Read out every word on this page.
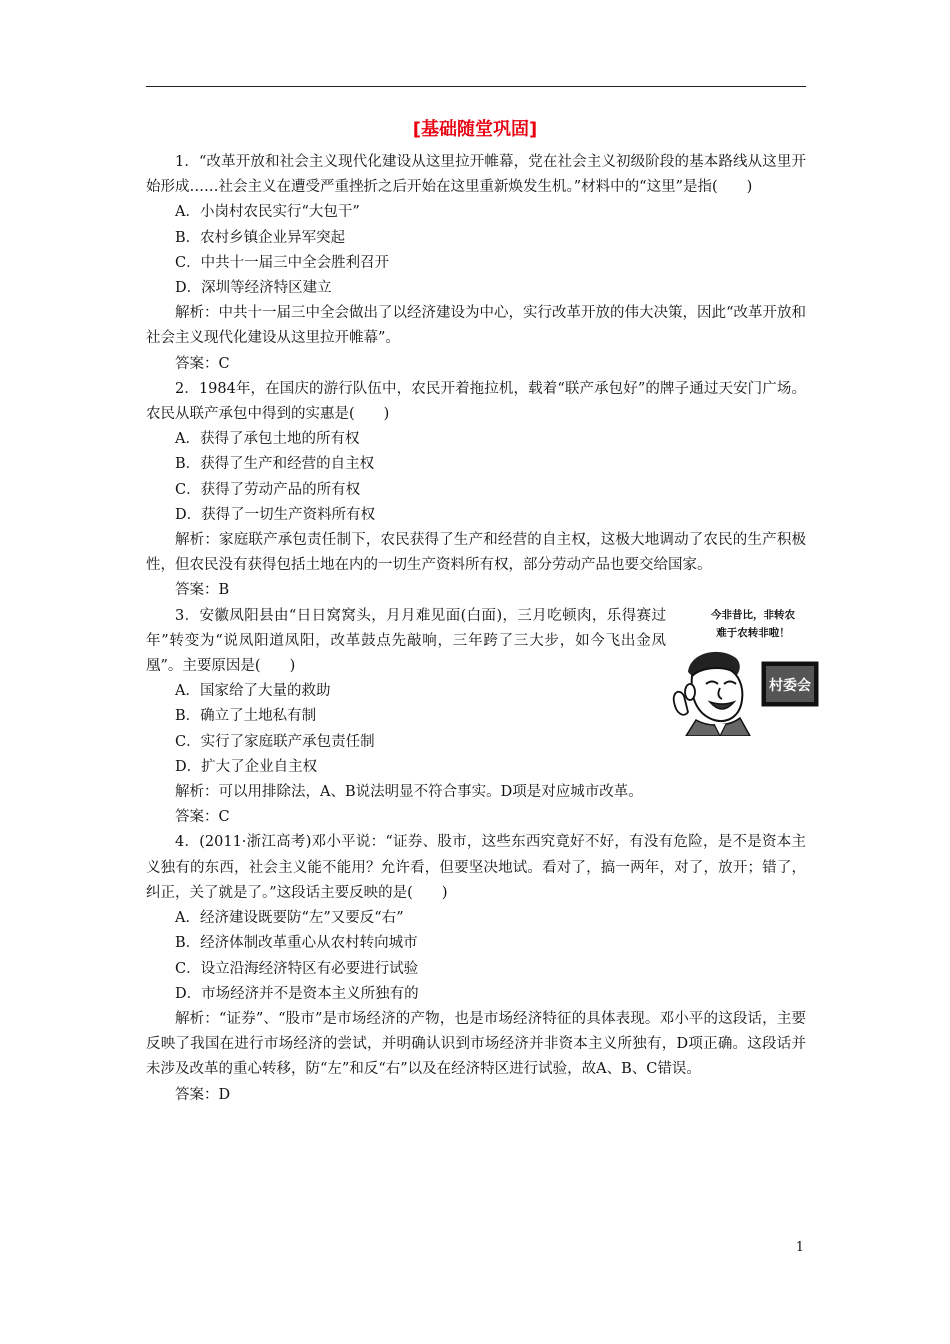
[基础随堂巩固]

1．“改革开放和社会主义现代化建设从这里拉开帷幕，党在社会主义初级阶段的基本路线从这里开始形成……社会主义在遭受严重挫折之后开始在这里重新焕发生机。”材料中的“这里”是指(　　)

A．小岗村农民实行“大包干”

B．农村乡镇企业异军突起

C．中共十一届三中全会胜利召开

D．深圳等经济特区建立

解析：中共十一届三中全会做出了以经济建设为中心，实行改革开放的伟大决策，因此“改革开放和社会主义现代化建设从这里拉开帷幕”。

答案：C

2．1984年，在国庆的游行队伍中，农民开着拖拉机，载着“联产承包好”的牌子通过天安门广场。农民从联产承包中得到的实惠是(　　)

A．获得了承包土地的所有权

B．获得了生产和经营的自主权

C．获得了劳动产品的所有权

D．获得了一切生产资料所有权

解析：家庭联产承包责任制下，农民获得了生产和经营的自主权，这极大地调动了农民的生产积极性，但农民没有获得包括土地在内的一切生产资料所有权，部分劳动产品也要交给国家。

答案：B

3．安徽凤阳县由“日日窝窝头，月月难见面(白面)，三月吃顿肉，乐得赛过年”转变为“说凤阳道凤阳，改革鼓点先敲响，三年跨了三大步，如今飞出金凤凰”。主要原因是(　　)

A．国家给了大量的救助

B．确立了土地私有制

C．实行了家庭联产承包责任制

D．扩大了企业自主权

今非昔比，非转农
难于农转非啦！
村委会

解析：可以用排除法，A、B说法明显不符合事实。D项是对应城市改革。

答案：C

4．(2011·浙江高考)邓小平说：“证券、股市，这些东西究竟好不好，有没有危险，是不是资本主义独有的东西，社会主义能不能用？允许看，但要坚决地试。看对了，搞一两年，对了，放开；错了，纠正，关了就是了。”这段话主要反映的是(　　)

A．经济建设既要防“左”又要反“右”

B．经济体制改革重心从农村转向城市

C．设立沿海经济特区有必要进行试验

D．市场经济并不是资本主义所独有的

解析：“证券”、“股市”是市场经济的产物，也是市场经济特征的具体表现。邓小平的这段话，主要反映了我国在进行市场经济的尝试，并明确认识到市场经济并非资本主义所独有，D项正确。这段话并未涉及改革的重心转移，防“左”和反“右”以及在经济特区进行试验，故A、B、C错误。

答案：D

1
